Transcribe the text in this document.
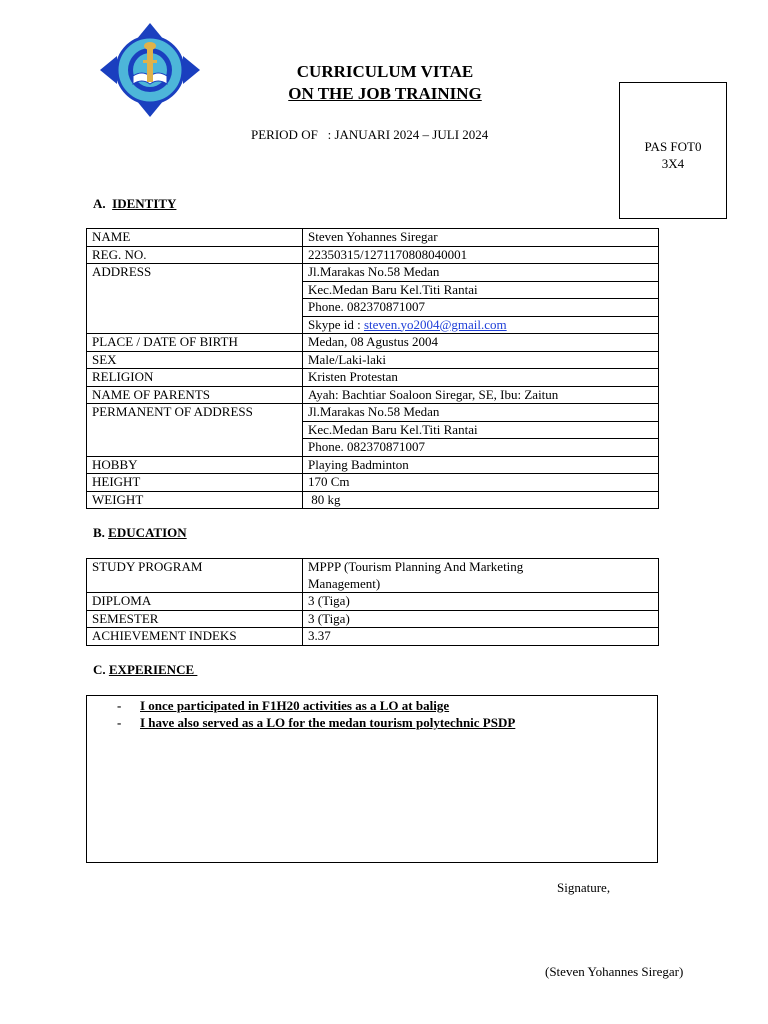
CURRICULUM VITAE
ON THE JOB TRAINING
PERIOD OF : JANUARI 2024 – JULI 2024
PAS FOT0
3X4
A. IDENTITY
NAME	Steven Yohannes Siregar
REG. NO.	22350315/1271170808040001
ADDRESS	Jl.Marakas No.58 Medan
	Kec.Medan Baru Kel.Titi Rantai
	Phone. 082370871007
	Skype id : steven.yo2004@gmail.com
PLACE / DATE OF BIRTH	Medan, 08 Agustus 2004
SEX	Male/Laki-laki
RELIGION	Kristen Protestan
NAME OF PARENTS	Ayah: Bachtiar Soaloon Siregar, SE, Ibu: Zaitun
PERMANENT OF ADDRESS	Jl.Marakas No.58 Medan
	Kec.Medan Baru Kel.Titi Rantai
	Phone. 082370871007
HOBBY	Playing Badminton
HEIGHT	170 Cm
WEIGHT	80 kg
B. EDUCATION
STUDY PROGRAM	MPPP (Tourism Planning And Marketing
Management)

DIPLOMA	3 (Tiga)
SEMESTER	3 (Tiga)
ACHIEVEMENT INDEKS	3.37
C. EXPERIENCE
- I once participated in F1H20 activities as a LO at balige
- I have also served as a LO for the medan tourism polytechnic PSDP
Signature,
(Steven Yohannes Siregar)
